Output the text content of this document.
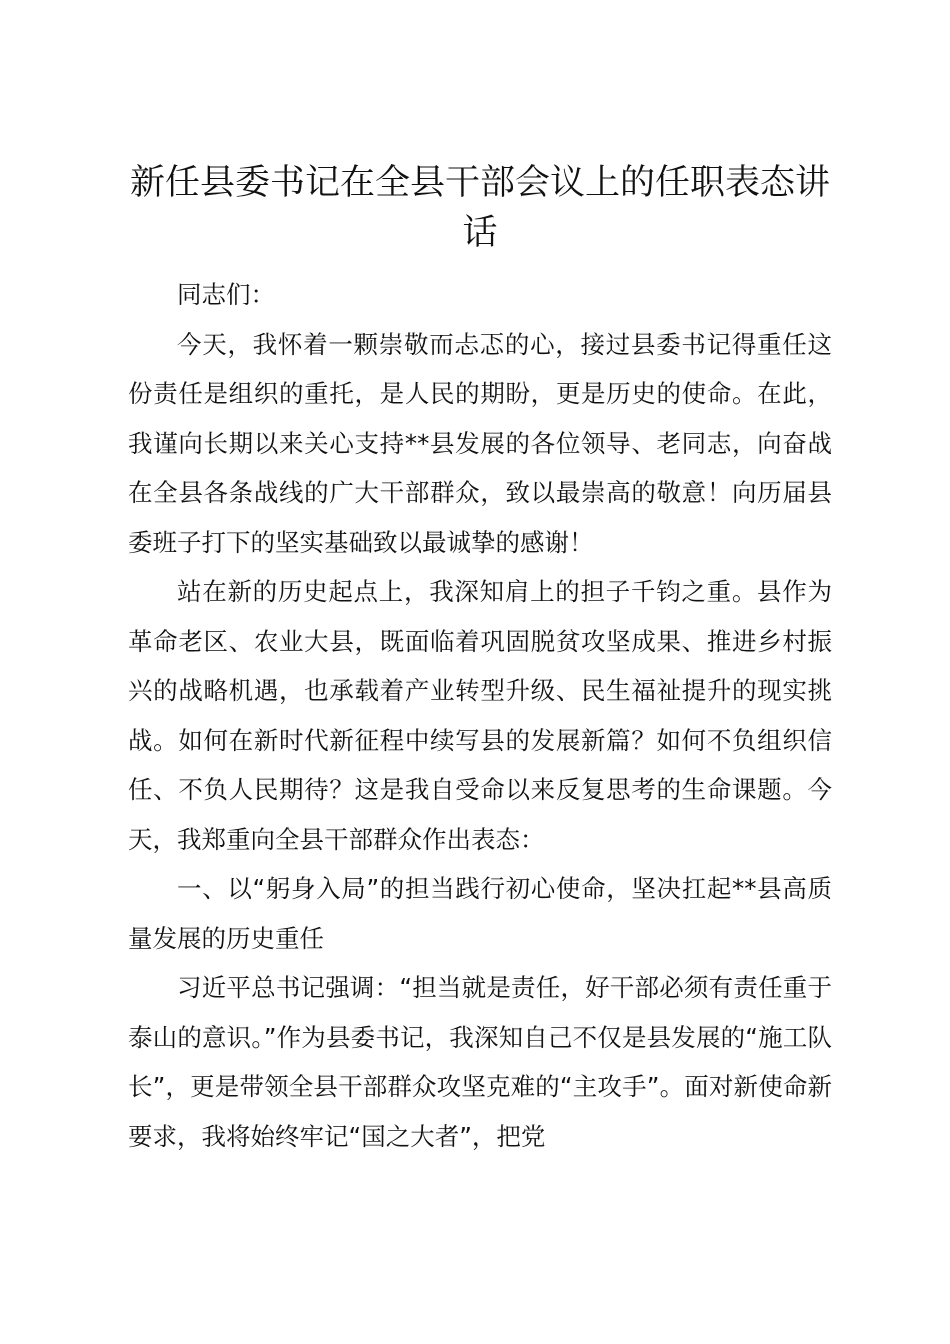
新任县委书记在全县干部会议上的任职表态讲话

同志们：

今天，我怀着一颗崇敬而忐忑的心，接过县委书记得重任这份责任是组织的重托，是人民的期盼，更是历史的使命。在此，我谨向长期以来关心支持**县发展的各位领导、老同志，向奋战在全县各条战线的广大干部群众，致以最崇高的敬意！向历届县委班子打下的坚实基础致以最诚挚的感谢！

站在新的历史起点上，我深知肩上的担子千钧之重。县作为革命老区、农业大县，既面临着巩固脱贫攻坚成果、推进乡村振兴的战略机遇，也承载着产业转型升级、民生福祉提升的现实挑战。如何在新时代新征程中续写县的发展新篇？如何不负组织信任、不负人民期待？这是我自受命以来反复思考的生命课题。今天，我郑重向全县干部群众作出表态：

一、以“躬身入局”的担当践行初心使命，坚决扛起**县高质量发展的历史重任

习近平总书记强调：“担当就是责任，好干部必须有责任重于泰山的意识。”作为县委书记，我深知自己不仅是县发展的“施工队长”，更是带领全县干部群众攻坚克难的“主攻手”。面对新使命新要求，我将始终牢记“国之大者”，把党
